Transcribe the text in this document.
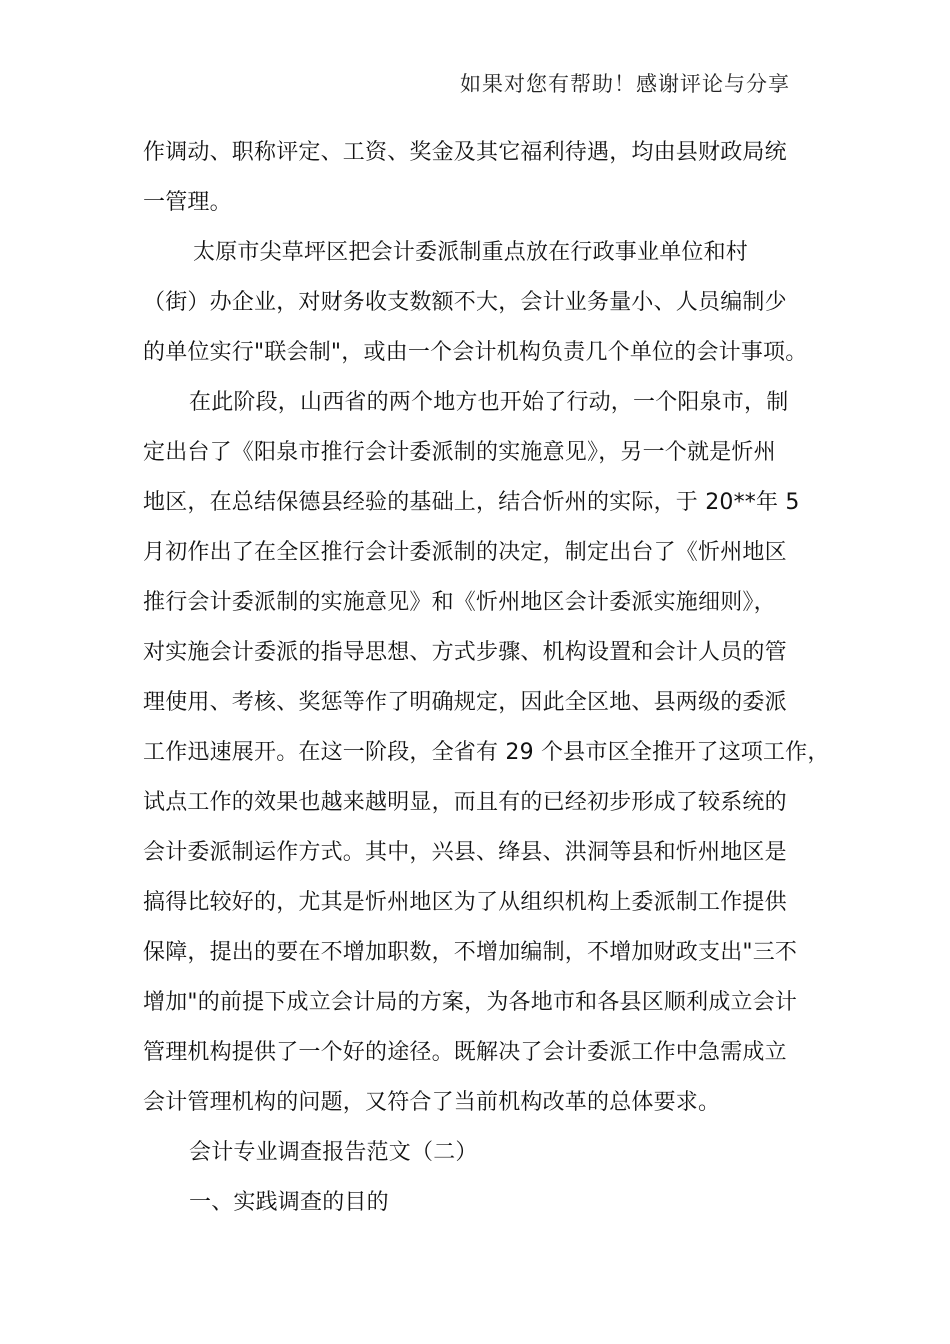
如果对您有帮助！感谢评论与分享
作调动、职称评定、工资、奖金及其它福利待遇，均由县财政局统
一管理。
太原市尖草坪区把会计委派制重点放在行政事业单位和村
（街）办企业，对财务收支数额不大，会计业务量小、人员编制少
的单位实行"联会制"，或由一个会计机构负责几个单位的会计事项。
在此阶段，山西省的两个地方也开始了行动，一个阳泉市，制
定出台了《阳泉市推行会计委派制的实施意见》，另一个就是忻州
地区，在总结保德县经验的基础上，结合忻州的实际，于 20**年 5
月初作出了在全区推行会计委派制的决定，制定出台了《忻州地区
推行会计委派制的实施意见》和《忻州地区会计委派实施细则》，
对实施会计委派的指导思想、方式步骤、机构设置和会计人员的管
理使用、考核、奖惩等作了明确规定，因此全区地、县两级的委派
工作迅速展开。在这一阶段，全省有 29 个县市区全推开了这项工作，
试点工作的效果也越来越明显，而且有的已经初步形成了较系统的
会计委派制运作方式。其中，兴县、绛县、洪洞等县和忻州地区是
搞得比较好的，尤其是忻州地区为了从组织机构上委派制工作提供
保障，提出的要在不增加职数，不增加编制，不增加财政支出"三不
增加"的前提下成立会计局的方案，为各地市和各县区顺利成立会计
管理机构提供了一个好的途径。既解决了会计委派工作中急需成立
会计管理机构的问题，又符合了当前机构改革的总体要求。
会计专业调查报告范文（二）
一、实践调查的目的
